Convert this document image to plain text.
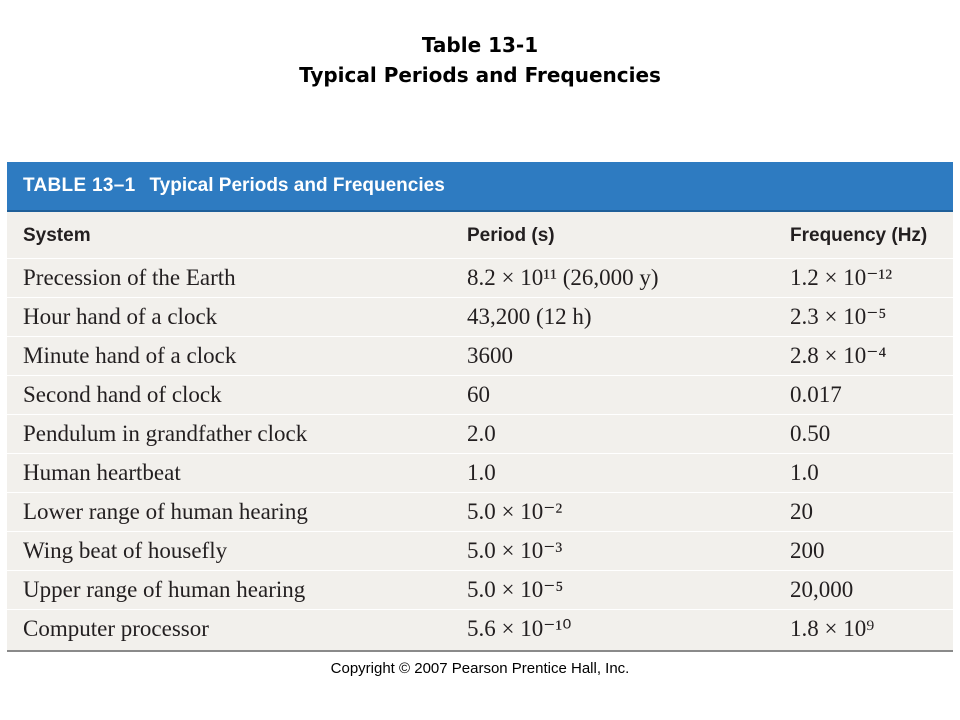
Table 13-1
Typical Periods and Frequencies
TABLE 13–1 Typical Periods and Frequencies
System	Period (s)	Frequency (Hz)
Precession of the Earth	8.2 × 10¹¹ (26,000 y)	1.2 × 10⁻¹²
Hour hand of a clock	43,200 (12 h)	2.3 × 10⁻⁵
Minute hand of a clock	3600	2.8 × 10⁻⁴
Second hand of clock	60	0.017
Pendulum in grandfather clock	2.0	0.50
Human heartbeat	1.0	1.0
Lower range of human hearing	5.0 × 10⁻²	20
Wing beat of housefly	5.0 × 10⁻³	200
Upper range of human hearing	5.0 × 10⁻⁵	20,000
Computer processor	5.6 × 10⁻¹⁰	1.8 × 10⁹
Copyright © 2007 Pearson Prentice Hall, Inc.
